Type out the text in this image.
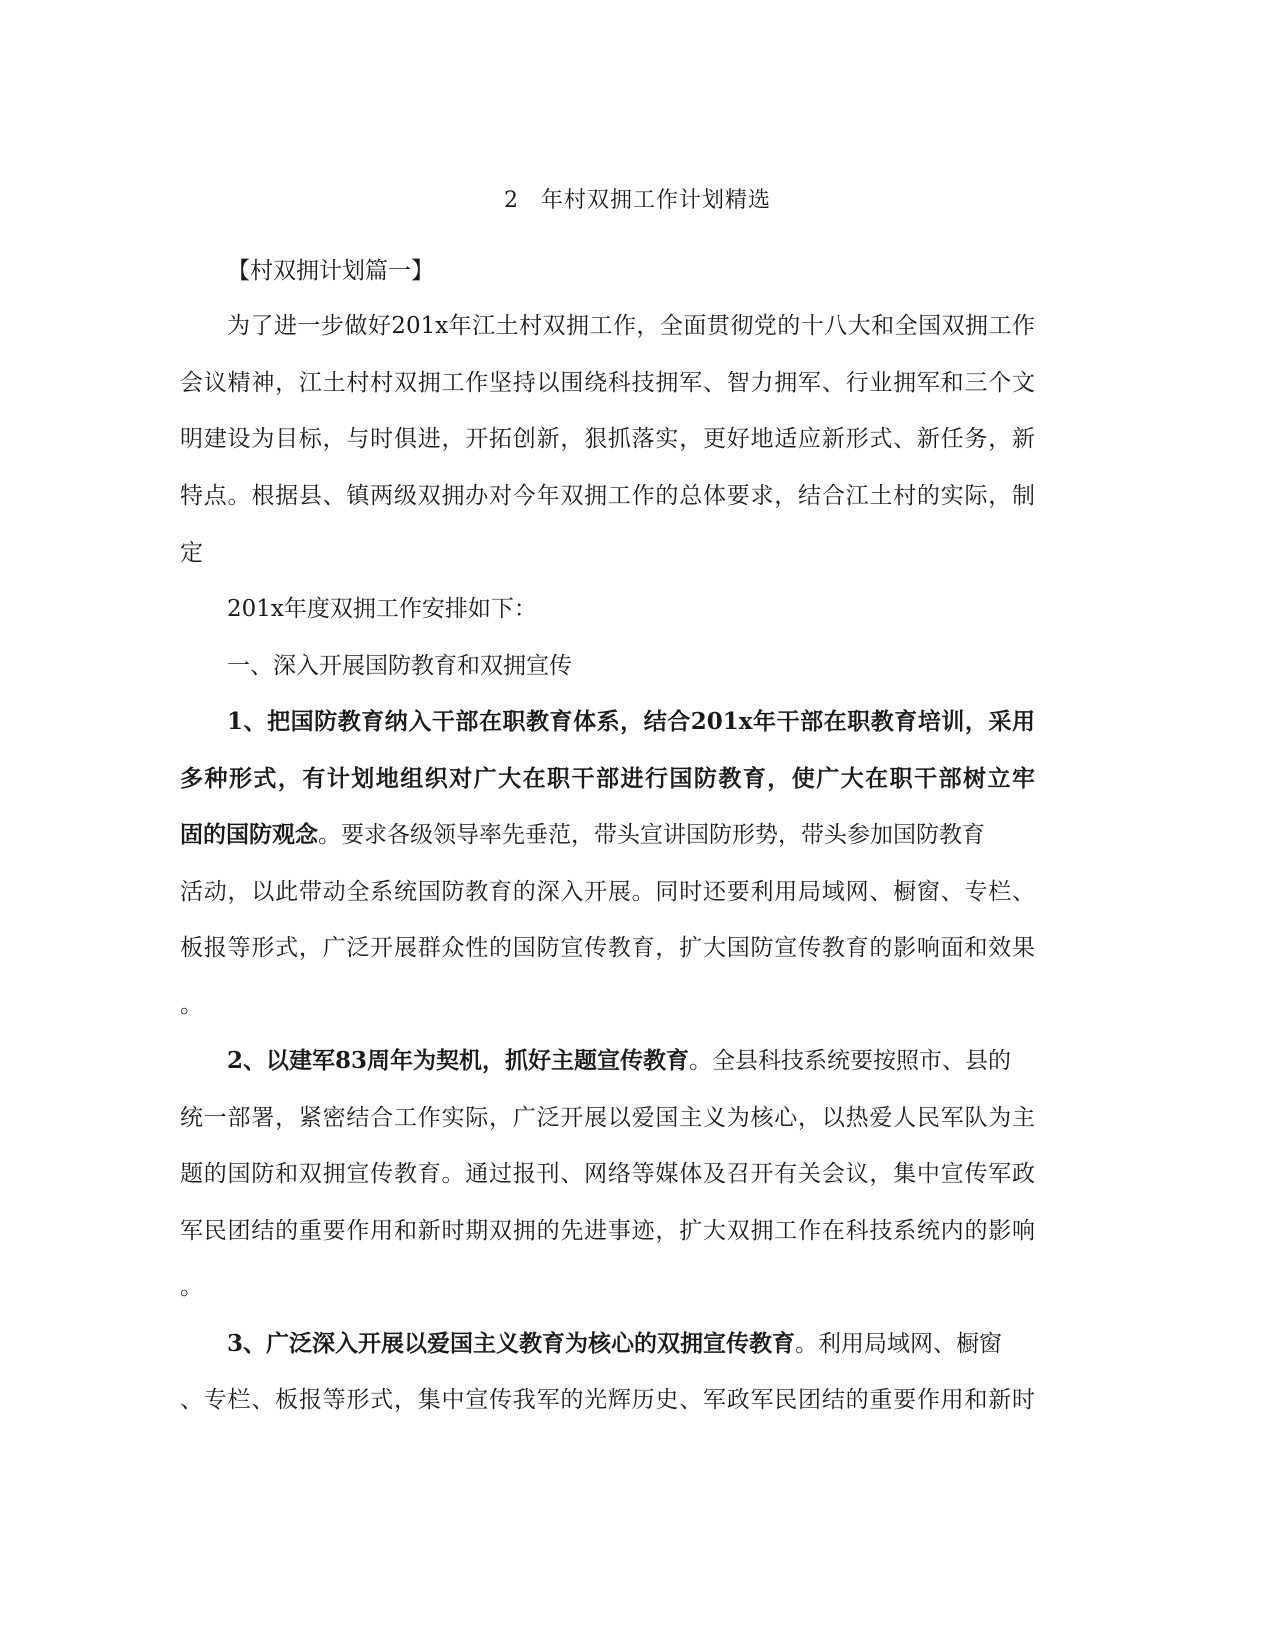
2 年村双拥工作计划精选
【村双拥计划篇一】
为了进一步做好201x年江土村双拥工作，全面贯彻党的十八大和全国双拥工作
会议精神，江土村村双拥工作坚持以围绕科技拥军、智力拥军、行业拥军和三个文
明建设为目标，与时俱进，开拓创新，狠抓落实，更好地适应新形式、新任务，新
特点。根据县、镇两级双拥办对今年双拥工作的总体要求，结合江土村的实际，制
定
201x年度双拥工作安排如下：
一、深入开展国防教育和双拥宣传
1、把国防教育纳入干部在职教育体系，结合201x年干部在职教育培训，采用
多种形式，有计划地组织对广大在职干部进行国防教育，使广大在职干部树立牢
固的国防观念。要求各级领导率先垂范，带头宣讲国防形势，带头参加国防教育
活动，以此带动全系统国防教育的深入开展。同时还要利用局域网、橱窗、专栏、
板报等形式，广泛开展群众性的国防宣传教育，扩大国防宣传教育的影响面和效果
。
2、以建军83周年为契机，抓好主题宣传教育。全县科技系统要按照市、县的
统一部署，紧密结合工作实际，广泛开展以爱国主义为核心，以热爱人民军队为主
题的国防和双拥宣传教育。通过报刊、网络等媒体及召开有关会议，集中宣传军政
军民团结的重要作用和新时期双拥的先进事迹，扩大双拥工作在科技系统内的影响
。
3、广泛深入开展以爱国主义教育为核心的双拥宣传教育。利用局域网、橱窗
、专栏、板报等形式，集中宣传我军的光辉历史、军政军民团结的重要作用和新时
